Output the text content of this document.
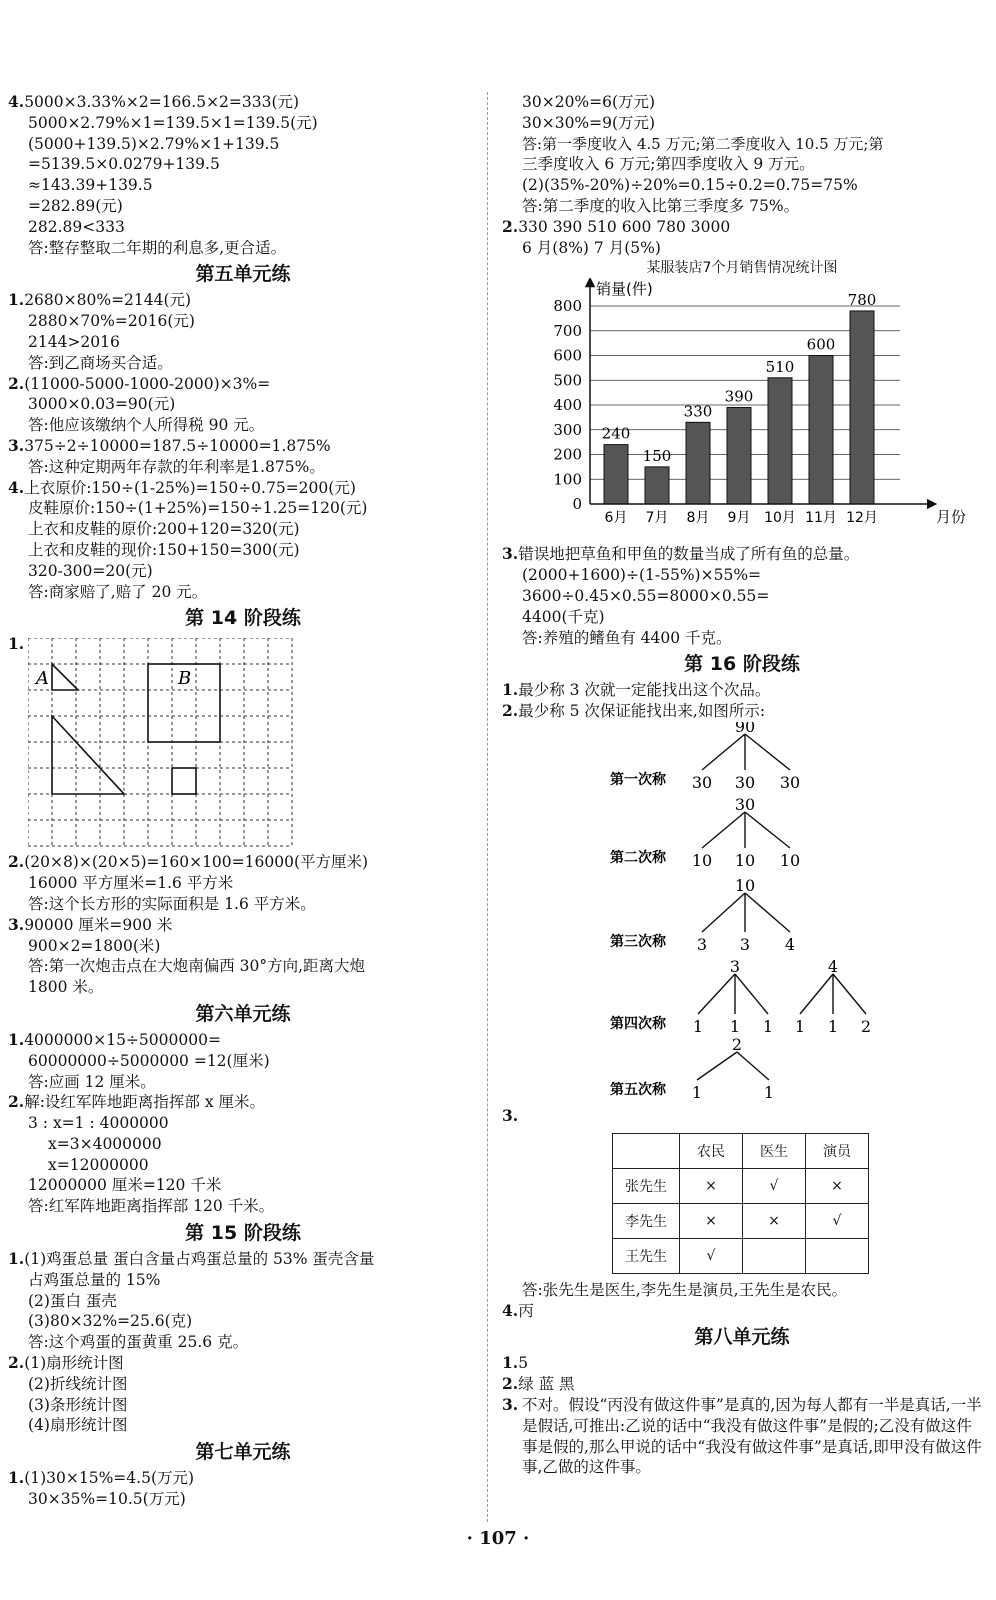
4.5000×3.33%×2=166.5×2=333(元)
5000×2.79%×1=139.5×1=139.5(元)
(5000+139.5)×2.79%×1+139.5
=5139.5×0.0279+139.5
≈143.39+139.5
=282.89(元)
282.89<333
答:整存整取二年期的利息多,更合适。
第五单元练
1.2680×80%=2144(元)
2880×70%=2016(元)
2144>2016
答:到乙商场买合适。
2.(11000-5000-1000-2000)×3%=
3000×0.03=90(元)
答:他应该缴纳个人所得税 90 元。
3.375÷2÷10000=187.5÷10000=1.875%
答:这种定期两年存款的年利率是1.875%。
4.上衣原价:150÷(1-25%)=150÷0.75=200(元)
皮鞋原价:150÷(1+25%)=150÷1.25=120(元)
上衣和皮鞋的原价:200+120=320(元)
上衣和皮鞋的现价:150+150=300(元)
320-300=20(元)
答:商家赔了,赔了 20 元。
第 14 阶段练
1.
A	B
2.(20×8)×(20×5)=160×100=16000(平方厘米)
16000 平方厘米=1.6 平方米
答:这个长方形的实际面积是 1.6 平方米。
3.90000 厘米=900 米
900×2=1800(米)
答:第一次炮击点在大炮南偏西 30°方向,距离大炮
1800 米。
第六单元练
1.4000000×15÷5000000=
60000000÷5000000 =12(厘米)
答:应画 12 厘米。
2.解:设红军阵地距离指挥部 x 厘米。
3 : x=1 : 4000000
x=3×4000000
x=12000000
12000000 厘米=120 千米
答:红军阵地距离指挥部 120 千米。
第 15 阶段练
1.(1)鸡蛋总量 蛋白含量占鸡蛋总量的 53% 蛋壳含量
占鸡蛋总量的 15%
(2)蛋白 蛋壳
(3)80×32%=25.6(克)
答:这个鸡蛋的蛋黄重 25.6 克。
2.(1)扇形统计图
(2)折线统计图
(3)条形统计图
(4)扇形统计图
第七单元练
1.(1)30×15%=4.5(万元)
30×35%=10.5(万元)
30×20%=6(万元)
30×30%=9(万元)
答:第一季度收入 4.5 万元;第二季度收入 10.5 万元;第
三季度收入 6 万元;第四季度收入 9 万元。
(2)(35%-20%)÷20%=0.15÷0.2=0.75=75%
答:第二季度的收入比第三季度多 75%。
2.330 390 510 600 780 3000
6 月(8%) 7 月(5%)
某服装店7个月销售情况统计图
240
150
330
390
510
600
780
0
100
200
300
400
500
600
700
800
6月 7月 8月 9月 10月 11月 12月
销量(件)
月份
3.错误地把草鱼和甲鱼的数量当成了所有鱼的总量。
(2000+1600)÷(1-55%)×55%=
3600÷0.45×0.55=8000×0.55=
4400(千克)
答:养殖的鳍鱼有 4400 千克。
第 16 阶段练
1.最少称 3 次就一定能找出这个次品。
2.最少称 5 次保证能找出来,如图所示:
90
30 30 30
30
10 10 10
10
3 3 4
3
1 1 1
4
1 1 2
2
1	1
第一次称
第二次称
第三次称
第四次称
第五次称
3.
	农民	医生	演员
张先生	×	√	×
李先生	×	×	√
王先生	√		
答:张先生是医生,李先生是演员,王先生是农民。
4.丙
第八单元练
1.5
2.绿 蓝 黑
3. 不对。假设“丙没有做这件事”是真的,因为每人都有一半是真话,一半是假话,可推出:乙说的话中“我没有做这件事”是假的;乙没有做这件事是假的,那么甲说的话中“我没有做这件事”是真话,即甲没有做这件事,乙做的这件事。
· 107 ·
